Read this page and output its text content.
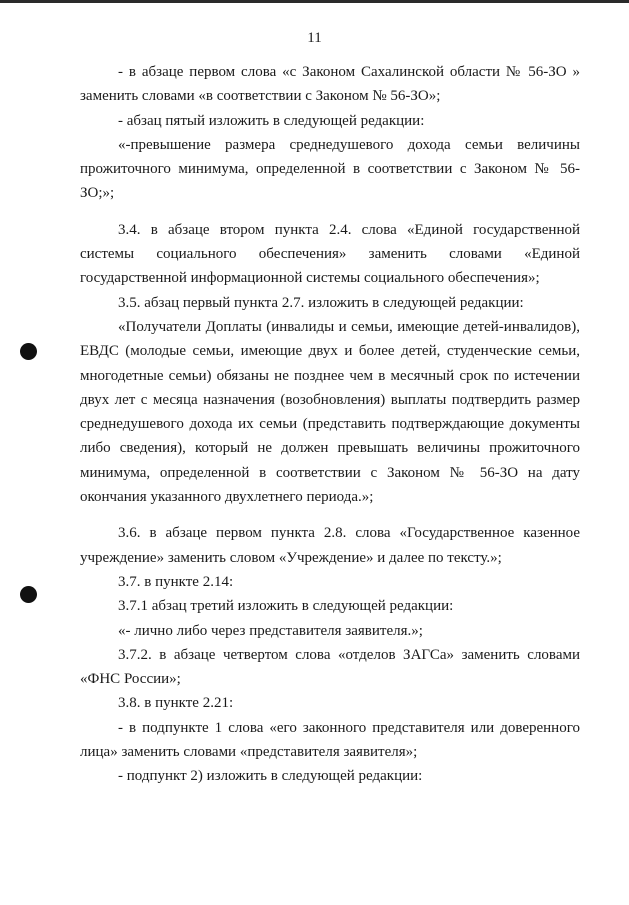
11

- в абзаце первом слова «с Законом Сахалинской области № 56-ЗО » заменить словами «в соответствии с Законом № 56-ЗО»;

- абзац пятый изложить в следующей редакции:

«-превышение размера среднедушевого дохода семьи величины прожиточного минимума, определенной в соответствии с Законом № 56-ЗО;»;

3.4. в абзаце втором пункта 2.4. слова «Единой государственной системы социального обеспечения» заменить словами «Единой государственной информационной системы социального обеспечения»;

3.5. абзац первый пункта 2.7. изложить в следующей редакции:

«Получатели Доплаты (инвалиды и семьи, имеющие детей-инвалидов), ЕВДС (молодые семьи, имеющие двух и более детей, студенческие семьи, многодетные семьи) обязаны не позднее чем в месячный срок по истечении двух лет с месяца назначения (возобновления) выплаты подтвердить размер среднедушевого дохода их семьи (представить подтверждающие документы либо сведения), который не должен превышать величины прожиточного минимума, определенной в соответствии с Законом № 56-ЗО на дату окончания указанного двухлетнего периода.»;

3.6. в абзаце первом пункта 2.8. слова «Государственное казенное учреждение» заменить словом «Учреждение» и далее по тексту.»;

3.7. в пункте 2.14:

3.7.1 абзац третий изложить в следующей редакции:

«- лично либо через представителя заявителя.»;

3.7.2. в абзаце четвертом слова «отделов ЗАГСа» заменить словами «ФНС России»;

3.8. в пункте 2.21:

- в подпункте 1 слова «его законного представителя или доверенного лица» заменить словами «представителя заявителя»;

- подпункт 2) изложить в следующей редакции:
